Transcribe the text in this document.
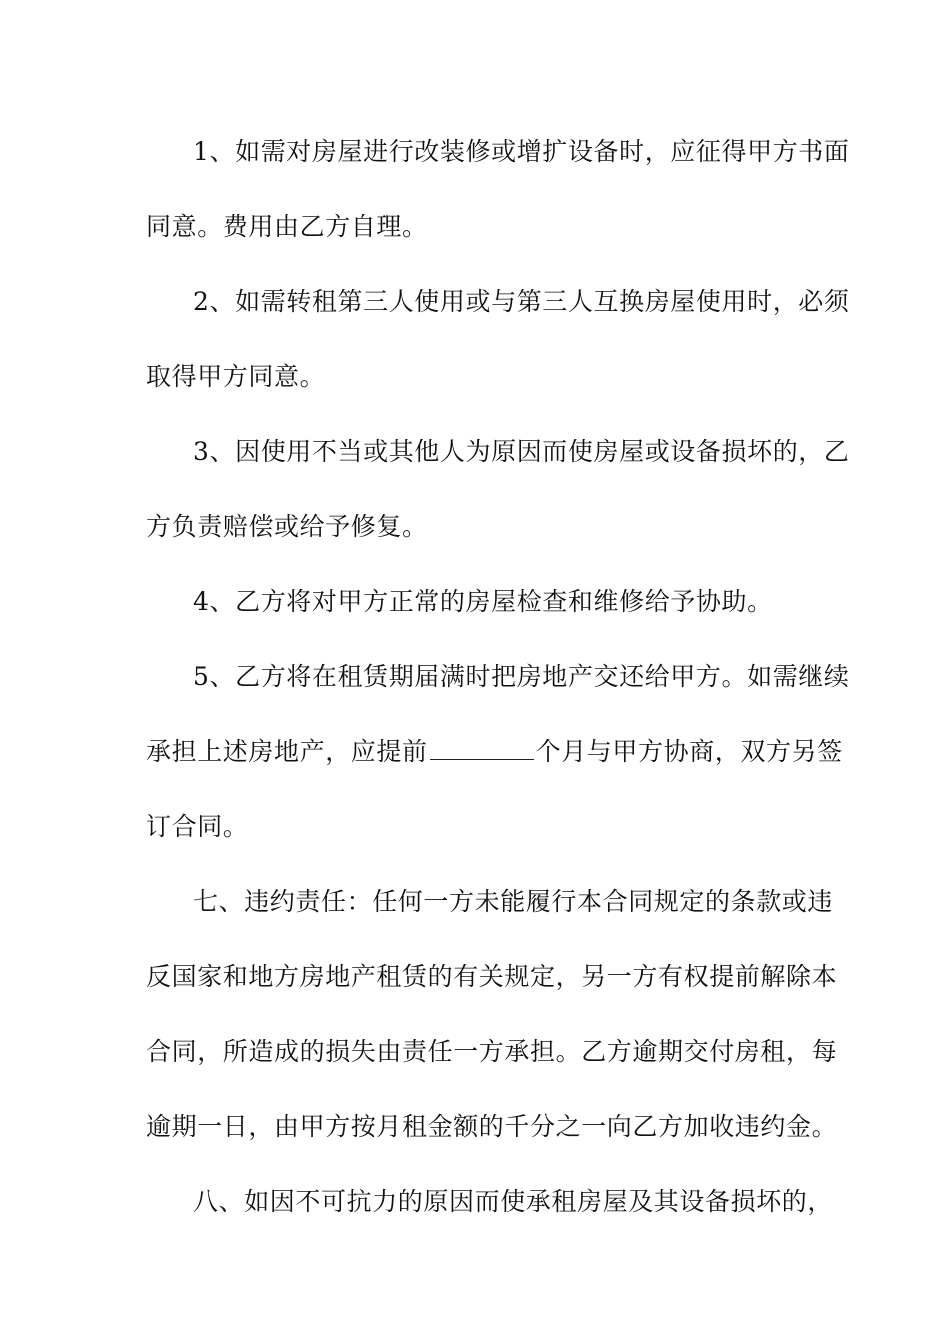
1、如需对房屋进行改装修或增扩设备时，应征得甲方书面
同意。费用由乙方自理。
2、如需转租第三人使用或与第三人互换房屋使用时，必须
取得甲方同意。
3、因使用不当或其他人为原因而使房屋或设备损坏的，乙
方负责赔偿或给予修复。
4、乙方将对甲方正常的房屋检查和维修给予协助。
5、乙方将在租赁期届满时把房地产交还给甲方。如需继续
承担上述房地产，应提前	个月与甲方协商，双方另签
订合同。
七、违约责任：任何一方未能履行本合同规定的条款或违
反国家和地方房地产租赁的有关规定，另一方有权提前解除本
合同，所造成的损失由责任一方承担。乙方逾期交付房租，每
逾期一日，由甲方按月租金额的千分之一向乙方加收违约金。
八、如因不可抗力的原因而使承租房屋及其设备损坏的，
